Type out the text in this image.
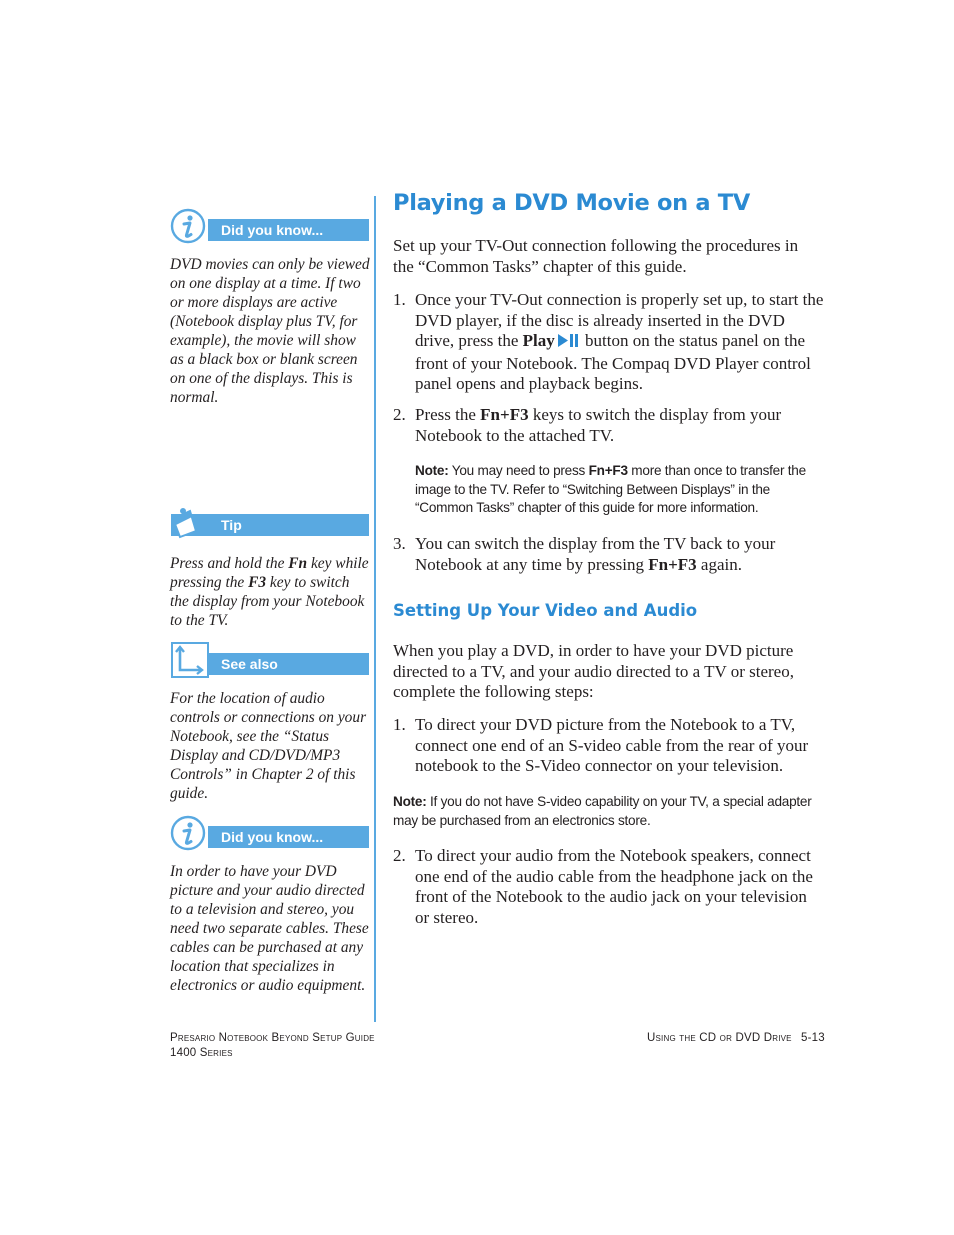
Did you know...
DVD movies can only be viewed on one display at a time. If two or more displays are active (Notebook display plus TV, for example), the movie will show as a black box or blank screen on one of the displays. This is normal.
Tip
Press and hold the Fn key while pressing the F3 key to switch the display from your Notebook to the TV.
See also
For the location of audio controls or connections on your Notebook, see the “Status Display and CD/DVD/MP3 Controls” in Chapter 2 of this guide.
Did you know...
In order to have your DVD picture and your audio directed to a television and stereo, you need two separate cables. These cables can be purchased at any location that specializes in electronics or audio equipment.
Playing a DVD Movie on a TV
Set up your TV-Out connection following the procedures in the “Common Tasks” chapter of this guide.
1. Once your TV-Out connection is properly set up, to start the DVD player, if the disc is already inserted in the DVD drive, press the Play button on the status panel on the front of your Notebook. The Compaq DVD Player control panel opens and playback begins.
2. Press the Fn+F3 keys to switch the display from your Notebook to the attached TV.
Note: You may need to press Fn+F3 more than once to transfer the image to the TV. Refer to “Switching Between Displays” in the “Common Tasks” chapter of this guide for more information.
3. You can switch the display from the TV back to your Notebook at any time by pressing Fn+F3 again.
Setting Up Your Video and Audio
When you play a DVD, in order to have your DVD picture directed to a TV, and your audio directed to a TV or stereo, complete the following steps:
1. To direct your DVD picture from the Notebook to a TV, connect one end of an S-video cable from the rear of your notebook to the S-Video connector on your television.
Note: If you do not have S-video capability on your TV, a special adapter may be purchased from an electronics store.
2. To direct your audio from the Notebook speakers, connect one end of the audio cable from the headphone jack on the front of the Notebook to the audio jack on your television or stereo.
Presario Notebook Beyond Setup Guide
1400 Series
Using the CD or DVD Drive 5-13
